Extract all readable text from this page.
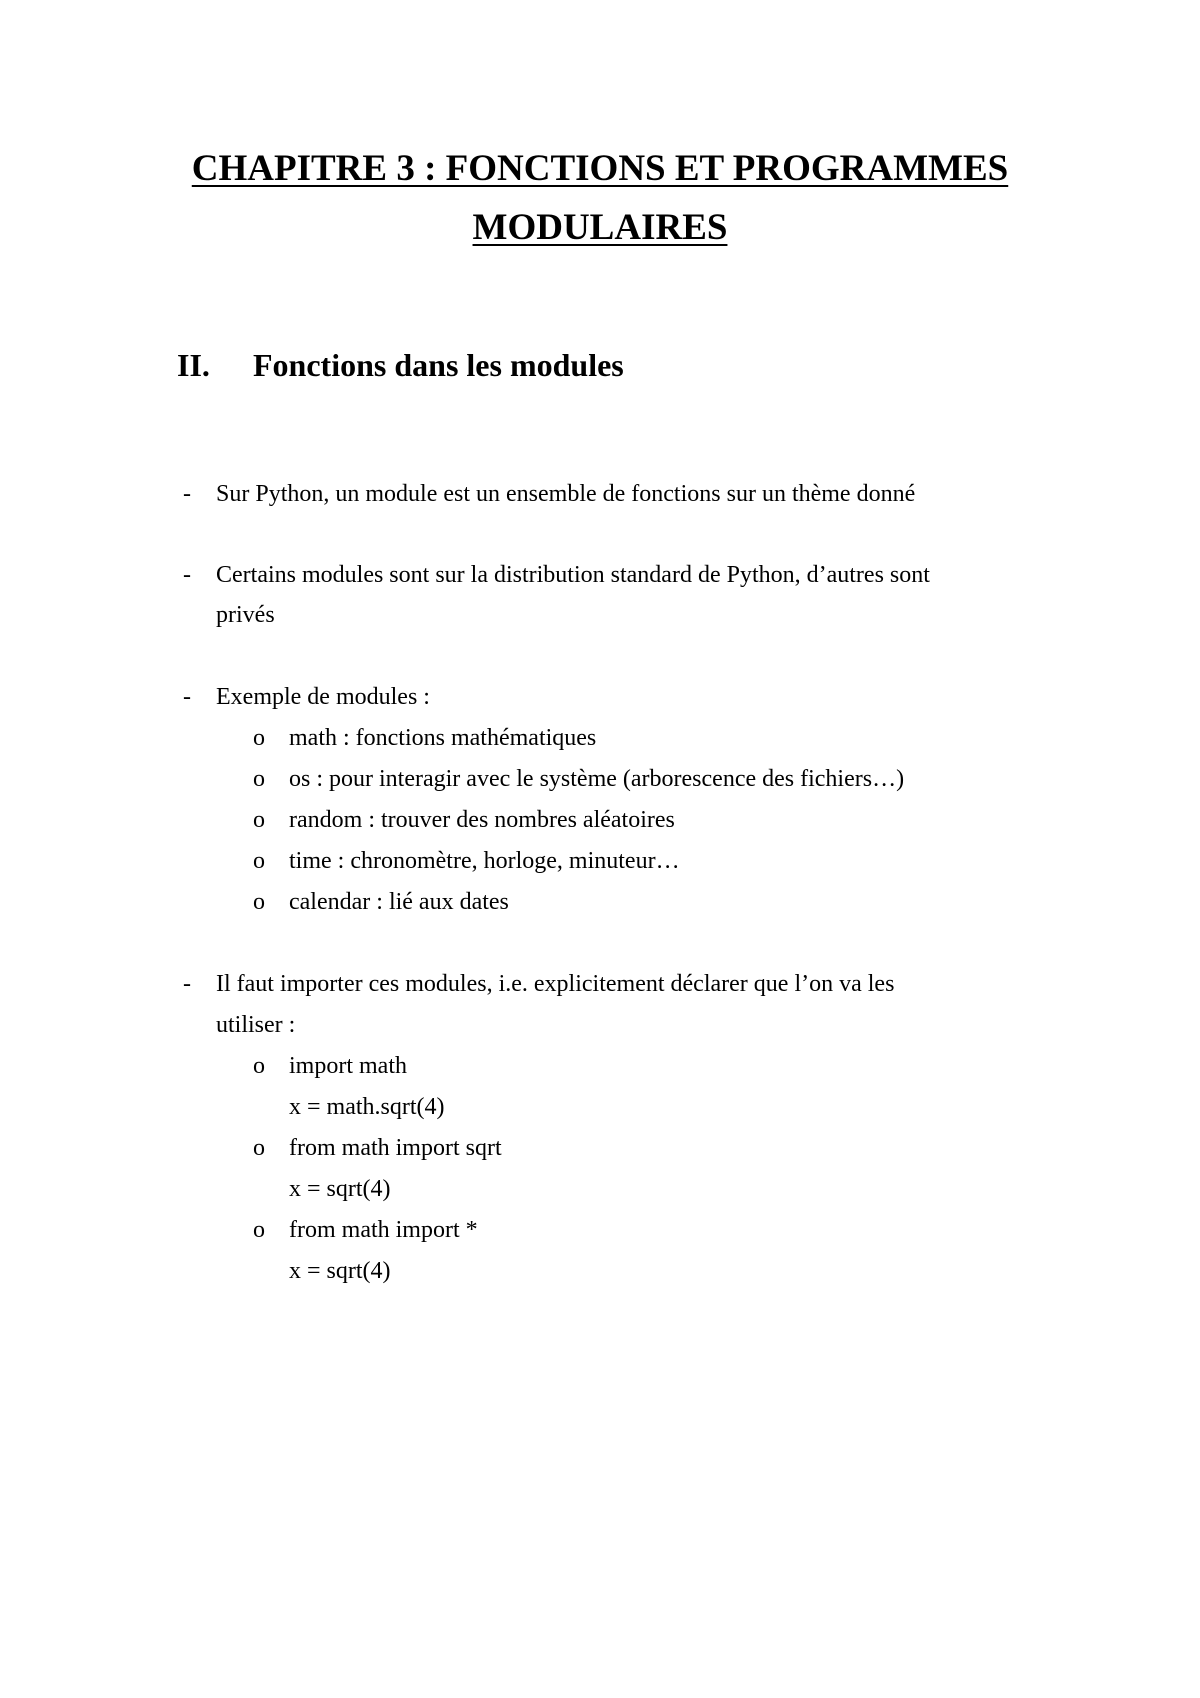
CHAPITRE 3 : FONCTIONS ET PROGRAMMES
MODULAIRES
II. Fonctions dans les modules
- Sur Python, un module est un ensemble de fonctions sur un thème donné
- Certains modules sont sur la distribution standard de Python, d’autres sont
privés
- Exemple de modules :
o math : fonctions mathématiques
o os : pour interagir avec le système (arborescence des fichiers…)
o random : trouver des nombres aléatoires
o time : chronomètre, horloge, minuteur…
o calendar : lié aux dates
- Il faut importer ces modules, i.e. explicitement déclarer que l’on va les
utiliser :
o import math
x = math.sqrt(4)
o from math import sqrt
x = sqrt(4)
o from math import *
x = sqrt(4)
